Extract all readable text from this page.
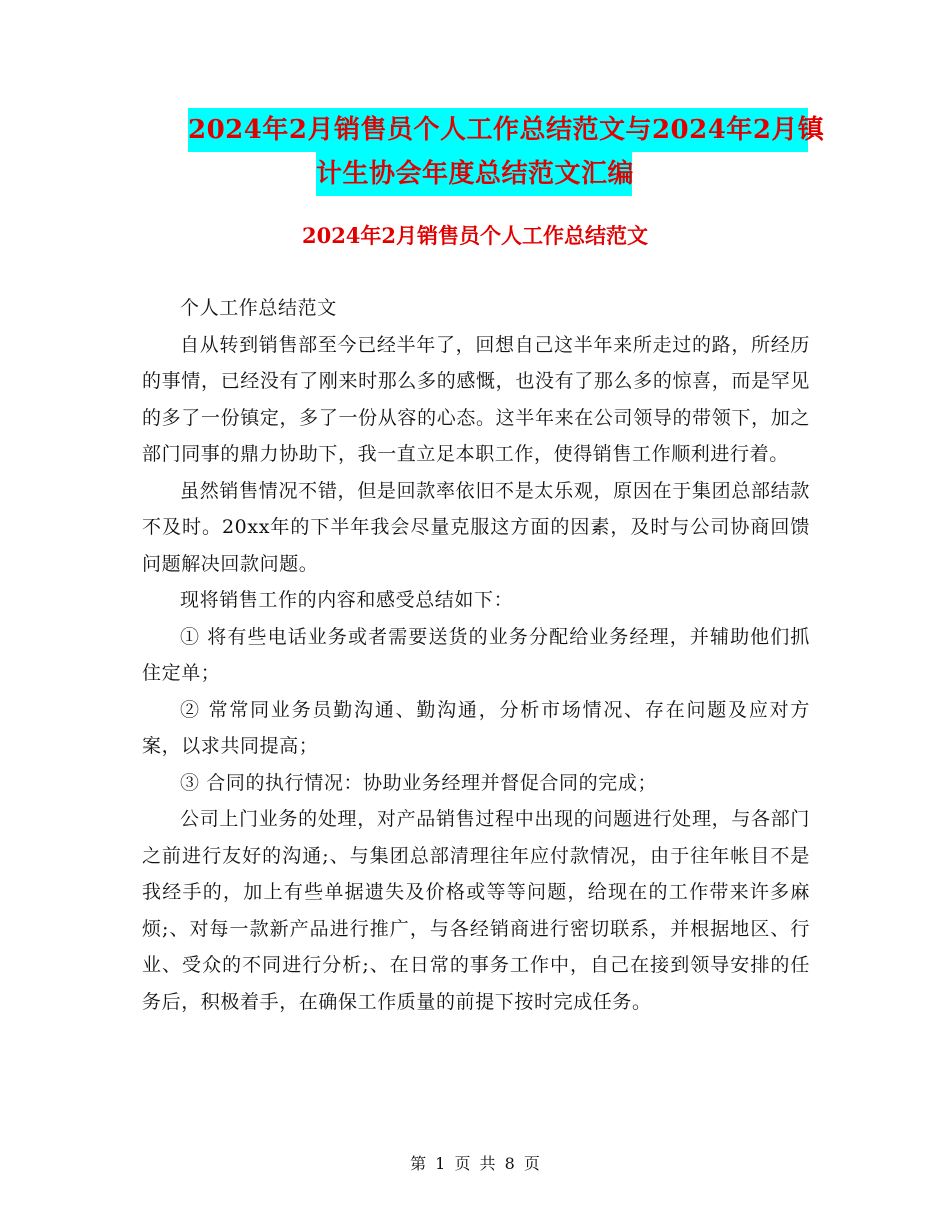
2024年2月销售员个人工作总结范文与2024年2月镇
计生协会年度总结范文汇编
2024年2月销售员个人工作总结范文

个人工作总结范文

自从转到销售部至今已经半年了，回想自己这半年来所走过的路，所经历的事情，已经没有了刚来时那么多的感慨，也没有了那么多的惊喜，而是罕见的多了一份镇定，多了一份从容的心态。这半年来在公司领导的带领下，加之部门同事的鼎力协助下，我一直立足本职工作，使得销售工作顺利进行着。

虽然销售情况不错，但是回款率依旧不是太乐观，原因在于集团总部结款不及时。20xx年的下半年我会尽量克服这方面的因素，及时与公司协商回馈问题解决回款问题。

现将销售工作的内容和感受总结如下：

① 将有些电话业务或者需要送货的业务分配给业务经理，并辅助他们抓住定单；

② 常常同业务员勤沟通、勤沟通，分析市场情况、存在问题及应对方案，以求共同提高；

③ 合同的执行情况：协助业务经理并督促合同的完成；

公司上门业务的处理，对产品销售过程中出现的问题进行处理，与各部门之前进行友好的沟通;、与集团总部清理往年应付款情况，由于往年帐目不是我经手的，加上有些单据遗失及价格或等等问题，给现在的工作带来许多麻烦;、对每一款新产品进行推广，与各经销商进行密切联系，并根据地区、行业、受众的不同进行分析;、在日常的事务工作中，自己在接到领导安排的任务后，积极着手，在确保工作质量的前提下按时完成任务。

第 1 页 共 8 页
